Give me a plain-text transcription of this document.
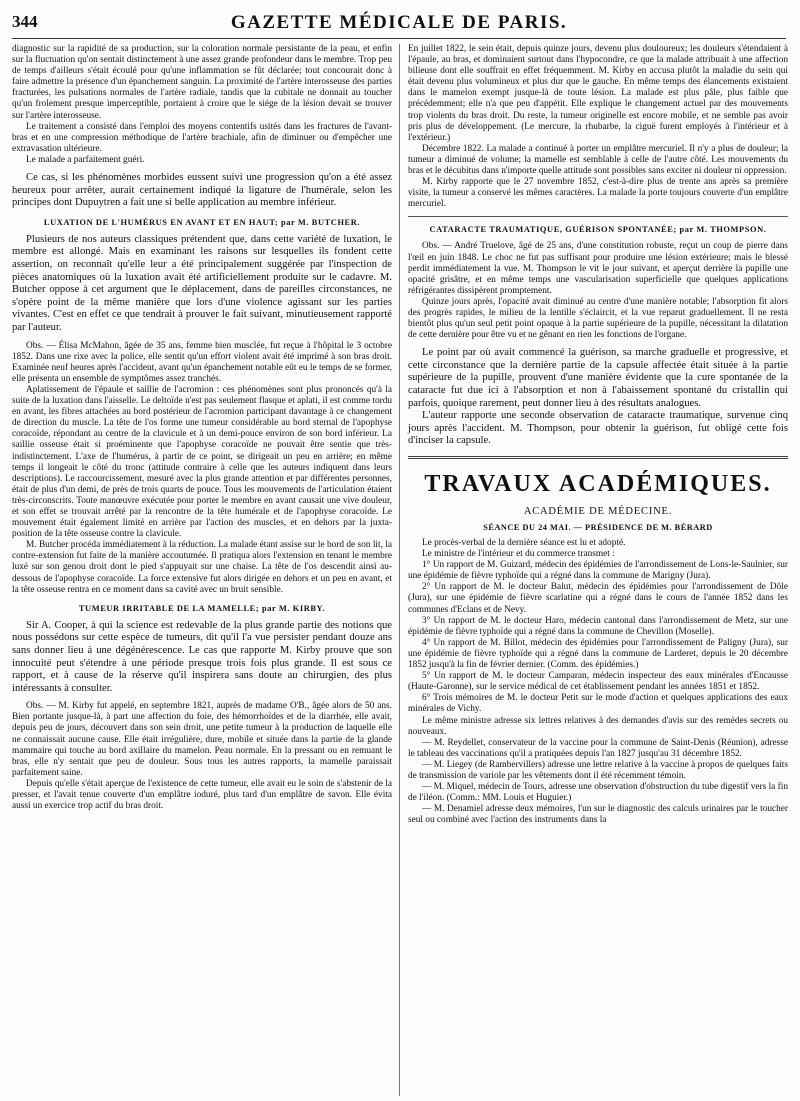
344	GAZETTE MÉDICALE DE PARIS.

diagnostic sur la rapidité de sa production, sur la coloration normale persistante de la peau, et enfin sur la fluctuation qu'on sentait distinctement à une assez grande profondeur dans le membre. Trop peu de temps d'ailleurs s'était écoulé pour qu'une inflammation se fût déclarée; tout concourait donc à faire admettre la présence d'un épanchement sanguin. La proximité de l'artère interosseuse des parties fracturées, les pulsations normales de l'artère radiale, tandis que la cubitale ne donnait au toucher qu'un frolement presque imperceptible, portaient à croire que le siége de la lésion devait se trouver sur l'artère interosseuse.

Le traitement a consisté dans l'emploi des moyens contentifs usités dans les fractures de l'avant-bras et en une compression méthodique de l'artère brachiale, afin de diminuer ou d'empêcher une extravasation ultérieure.

Le malade a parfaitement guéri.

Ce cas, si les phénomènes morbides eussent suivi une progression qu'on a été assez heureux pour arrêter, aurait certainement indiqué la ligature de l'humérale, selon les principes dont Dupuytren a fait une si belle application au membre inférieur.

LUXATION DE L'HUMÉRUS EN AVANT ET EN HAUT; par M. BUTCHER.

Plusieurs de nos auteurs classiques prétendent que, dans cette variété de luxation, le membre est allongé. Mais en examinant les raisons sur lesquelles ils fondent cette assertion, on reconnaît qu'elle leur a été principalement suggérée par l'inspection de pièces anatomiques où la luxation avait été artificiellement produite sur le cadavre. M. Butcher oppose à cet argument que le déplacement, dans de pareilles circonstances, ne s'opère point de la même manière que lors d'une violence agissant sur les parties vivantes. C'est en effet ce que tendrait à prouver le fait suivant, minutieusement rapporté par l'auteur.

Obs. — Élisa McMahon, âgée de 35 ans, femme bien musclée, fut reçue à l'hôpital le 3 octobre 1852. Dans une rixe avec la police, elle sentit qu'un effort violent avait été imprimé à son bras droit. Examinée neuf heures après l'accident, avant qu'un épanchement notable eût eu le temps de se former, elle présenta un ensemble de symptômes assez tranchés.

Aplatissement de l'épaule et saillie de l'acromion : ces phénomènes sont plus prononcés qu'à la suite de la luxation dans l'aisselle. Le deltoïde n'est pas seulement flasque et aplati, il est comme tordu en avant, les fibres attachées au bord postérieur de l'acromion participant davantage à ce changement de direction du muscle. La tête de l'os forme une tumeur considérable au bord sternal de l'apophyse coracoïde, répondant au centre de la clavicule et à un demi-pouce environ de son bord inférieur. La saillie osseuse était si proéminente que l'apophyse coracoïde ne pouvait être sentie que très-indistinctement. L'axe de l'humérus, à partir de ce point, se dirigeait un peu en arrière; en même temps il longeait le côté du tronc (attitude contraire à celle que les auteurs indiquent dans leurs descriptions). Le raccourcissement, mesuré avec la plus grande attention et par différentes personnes, était de plus d'un demi, de près de trois quarts de pouce. Tous les mouvements de l'articulation étaient très-circonscrits. Toute manœuvre exécutée pour porter le membre en avant causait une vive douleur, et son effet se trouvait arrêté par la rencontre de la tête humérale et de l'apophyse coracoïde. Le mouvement était également limité en arrière par l'action des muscles, et en dehors par la juxta-position de la tête osseuse contre la clavicule.

M. Butcher procéda immédiatement à la réduction. La malade étant assise sur le bord de son lit, la contre-extension fut faite de la manière accoutumée. Il pratiqua alors l'extension en tenant le membre luxé sur son genou droit dont le pied s'appuyait sur une chaise. La tête de l'os descendit ainsi au-dessous de l'apophyse coracoïde. La force extensive fut alors dirigée en dehors et un peu en avant, et la tête osseuse rentra en ce moment dans sa cavité avec un bruit sensible.

TUMEUR IRRITABLE DE LA MAMELLE; par M. KIRBY.

Sir A. Cooper, à qui la science est redevable de la plus grande partie des notions que nous possédons sur cette espèce de tumeurs, dit qu'il l'a vue persister pendant douze ans sans donner lieu à une dégénérescence. Le cas que rapporte M. Kirby prouve que son innocuité peut s'étendre à une période presque trois fois plus grande. Il est sous ce rapport, et à cause de la réserve qu'il inspirera sans doute au chirurgien, des plus intéressants à consulter.

Obs. — M. Kirby fut appelé, en septembre 1821, auprès de madame O'B., âgée alors de 50 ans. Bien portante jusque-là, à part une affection du foie, des hémorrhoïdes et de la diarrhée, elle avait, depuis peu de jours, découvert dans son sein droit, une petite tumeur à la production de laquelle elle ne connaissait aucune cause. Elle était irrégulière, dure, mobile et située dans la partie de la glande mammaire qui touche au bord axillaire du mamelon. Peau normale. En la pressant ou en remuant le bras, elle n'y sentait que peu de douleur. Sous tous les autres rapports, la mamelle paraissait parfaitement saine.

Depuis qu'elle s'était aperçue de l'existence de cette tumeur, elle avait eu le soin de s'abstenir de la presser, et l'avait tenue couverte d'un emplâtre ioduré, plus tard d'un emplâtre de savon. Elle évita aussi un exercice trop actif du bras droit.

En juillet 1822, le sein était, depuis quinze jours, devenu plus douloureux; les douleurs s'étendaient à l'épaule, au bras, et dominaient surtout dans l'hypocondre, ce que la malade attribuait à une affection bilieuse dont elle souffrait en effet fréquemment. M. Kirby en accusa plutôt la maladie du sein qui était devenu plus volumineux et plus dur que le gauche. En même temps des élancements existaient dans le mamelon exempt jusque-là de toute lésion. La malade est plus pâle, plus faible que précédemment; elle n'a que peu d'appétit. Elle explique le changement actuel par des mouvements trop violents du bras droit. Du reste, la tumeur originelle est encore mobile, et ne semble pas avoir pris plus de développement. (Le mercure, la rhubarbe, la ciguë furent employés à l'intérieur et à l'extérieur.)

Décembre 1822. La malade a continué à porter un emplâtre mercuriel. Il n'y a plus de douleur; la tumeur a diminué de volume; la mamelle est semblable à celle de l'autre côté. Les mouvements du bras et le décubitus dans n'importe quelle attitude sont possibles sans exciter ni douleur ni oppression.

M. Kirby rapporte que le 27 novembre 1852, c'est-à-dire plus de trente ans après sa première visite, la tumeur a conservé les mêmes caractères. La malade la porte toujours couverte d'un emplâtre mercuriel.

CATARACTE TRAUMATIQUE, GUÉRISON SPONTANÉE; par M. THOMPSON.

Obs. — André Truelove, âgé de 25 ans, d'une constitution robuste, reçut un coup de pierre dans l'œil en juin 1848. Le choc ne fut pas suffisant pour produire une lésion extérieure; mais le blessé perdit immédiatement la vue. M. Thompson le vit le jour suivant, et aperçut derrière la pupille une opacité grisâtre, et en même temps une vascularisation superficielle que quelques applications réfrigérantes dissipèrent promptement.

Quinze jours après, l'opacité avait diminué au centre d'une manière notable; l'absorption fit alors des progrès rapides, le milieu de la lentille s'éclaircit, et la vue reparut graduellement. Il ne resta bientôt plus qu'un seul petit point opaque à la partie supérieure de la pupille, nécessitant la dilatation de cette dernière pour être vu et ne gênant en rien les fonctions de l'organe.

Le point par où avait commencé la guérison, sa marche graduelle et progressive, et cette circonstance que la dernière partie de la capsule affectée était située à la partie supérieure de la pupille, prouvent d'une manière évidente que la cure spontanée de la cataracte fut due ici à l'absorption et non à l'abaissement spontané du cristallin qui parfois, quoique rarement, peut donner lieu à des résultats analogues.

L'auteur rapporte une seconde observation de cataracte traumatique, survenue cinq jours après l'accident. M. Thompson, pour obtenir la guérison, fut obligé cette fois d'inciser la capsule.

TRAVAUX ACADÉMIQUES.
ACADÉMIE DE MÉDECINE.
SÉANCE DU 24 MAI. — PRÉSIDENCE DE M. BÉRARD

Le procès-verbal de la dernière séance est lu et adopté.

Le ministre de l'intérieur et du commerce transmet :

1° Un rapport de M. Guizard, médecin des épidémies de l'arrondissement de Lons-le-Saulnier, sur une épidémie de fièvre typhoïde qui a régné dans la commune de Marigny (Jura).

2° Un rapport de M. le docteur Balut, médecin des épidémies pour l'arrondissement de Dôle (Jura), sur une épidémie de fièvre scarlatine qui a régné dans le cours de l'année 1852 dans les communes d'Eclans et de Nevy.

3° Un rapport de M. le docteur Haro, médecin cantonal dans l'arrondissement de Metz, sur une épidémie de fièvre typhoïde qui a régné dans la commune de Chevillon (Moselle).

4° Un rapport de M. Billot, médecin des épidémies pour l'arrondissement de Paligny (Jura), sur une épidémie de fièvre typhoïde qui a régné dans la commune de Larderet, depuis le 20 décembre 1852 jusqu'à la fin de février dernier. (Comm. des épidémies.)

5° Un rapport de M. le docteur Camparan, médecin inspecteur des eaux minérales d'Encausse (Haute-Garonne), sur le service médical de cet établissement pendant les années 1851 et 1852.

6° Trois mémoires de M. le docteur Petit sur le mode d'action et quelques applications des eaux minérales de Vichy.

Le même ministre adresse six lettres relatives à des demandes d'avis sur des remèdes secrets ou nouveaux.

— M. Reydellet, conservateur de la vaccine pour la commune de Saint-Denis (Réunion), adresse le tableau des vaccinations qu'il a pratiquées depuis l'an 1827 jusqu'au 31 décembre 1852.

— M. Liegey (de Rambervillers) adresse une lettre relative à la vaccine à propos de quelques faits de transmission de variole par les vêtements dont il été récemment témoin.

— M. Miquel, médecin de Tours, adresse une observation d'obstruction du tube digestif vers la fin de l'iléon. (Comm.: MM. Louis et Huguier.)

— M. Denamiel adresse deux mémoires, l'un sur le diagnostic des calculs urinaires par le toucher seul ou combiné avec l'action des instruments dans la
